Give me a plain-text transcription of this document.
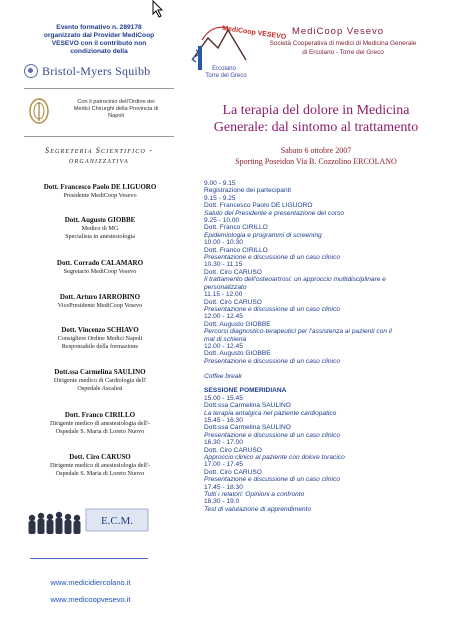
Evento formativo n. 289178
organizzato dal Provider MediCoop
VESEVO con il contributo non
condizionato della
Bristol-Myers Squibb
Con il patrocinio dell'Ordine dei
Medici Chirurghi della Provincia di
Napoli
Segreteria Scientifico -
organizzativa
Dott. Francesco Paolo DE LIGUORO
Presidente MediCoop Vesevo
Dott. Augusto GIOBBE
Medico di MG
Specialista in anestesiologia
Dott. Corrado CALAMARO
Segretario MediCoop Vesevo
Dott. Arturo IARROBINO
VicePresidente MediCoop Vesevo
Dott. Vincenzo SCHIAVO
Consigliere Ordine Medici Napoli
Responsabile della formazione
Dott.ssa Carmelina SAULINO
Dirigente medico di Cardiologia dell'
Ospedale Ascalesi
Dott. Franco CIRILLO
Dirigente medico di anestesiologia dell'-
Ospedale S. Maria di Loreto Nuovo
Dott. Ciro CARUSO
Dirigente medico di anestesiologia dell'-
Ospedale S. Maria di Loreto Nuovo
E.C.M.
www.medicidiercolano.it
www.medicoopvesevo.it
MediCoop VESEVO
Ercolano
Torre del Greco
MediCoop Vesevo
Società Cooperativa di medici di Medicina Generale
di Ercolano - Torre del Greco
La terapia del dolore in Medicina
Generale: dal sintomo al trattamento
Sabato 6 ottobre 2007
Sporting Poseidon Via B. Cozzolino ERCOLANO
9.00 - 9.15
Registrazione dei partecipanti
9.15 - 9.25
Dott. Francesco Paolo DE LIGUORO
Saluto del Presidente e presentazione del corso
9.25 - 10.00
Dott. Franco CIRILLO
Epidemiologia e programmi di screening
10.00 - 10.30
Dott. Franco CIRILLO
Presentazione e discussione di un caso clinico
10.30 - 11.15
Dott. Ciro CARUSO
Il trattamento dell'osteoartrosi: un approccio multidisciplinare e
personalizzato
11.15 - 12.00
Dott. Ciro CARUSO
Presentazione e discussione di un caso clinico
12.00 - 12.45
Dott. Augusto GIOBBE
Percorsi diagnostico-terapeutici per l'assistenza ai pazienti con il
mal di schiena
12.00 - 12.45
Dott. Augusto GIOBBE
Presentazione e discussione di un caso clinico
Coffee break
SESSIONE POMERIDIANA
15.00 - 15.45
Dott.ssa Carmelina SAULINO
La terapia antalgica nel paziente cardiopatico
15.45 - 16.30
Dott.ssa Carmelina SAULINO
Presentazione e discussione di un caso clinico
16.30 - 17.00
Dott. Ciro CARUSO
Approccio clinico al paziente con dolore toracico
17.00 - 17.45
Dott. Ciro CARUSO
Presentazione e discussione di un caso clinico
17.45 - 18.30
Tutti i relatori: Opinioni a confronto
18.30 - 19.0
Test di valutazione di apprendimento
